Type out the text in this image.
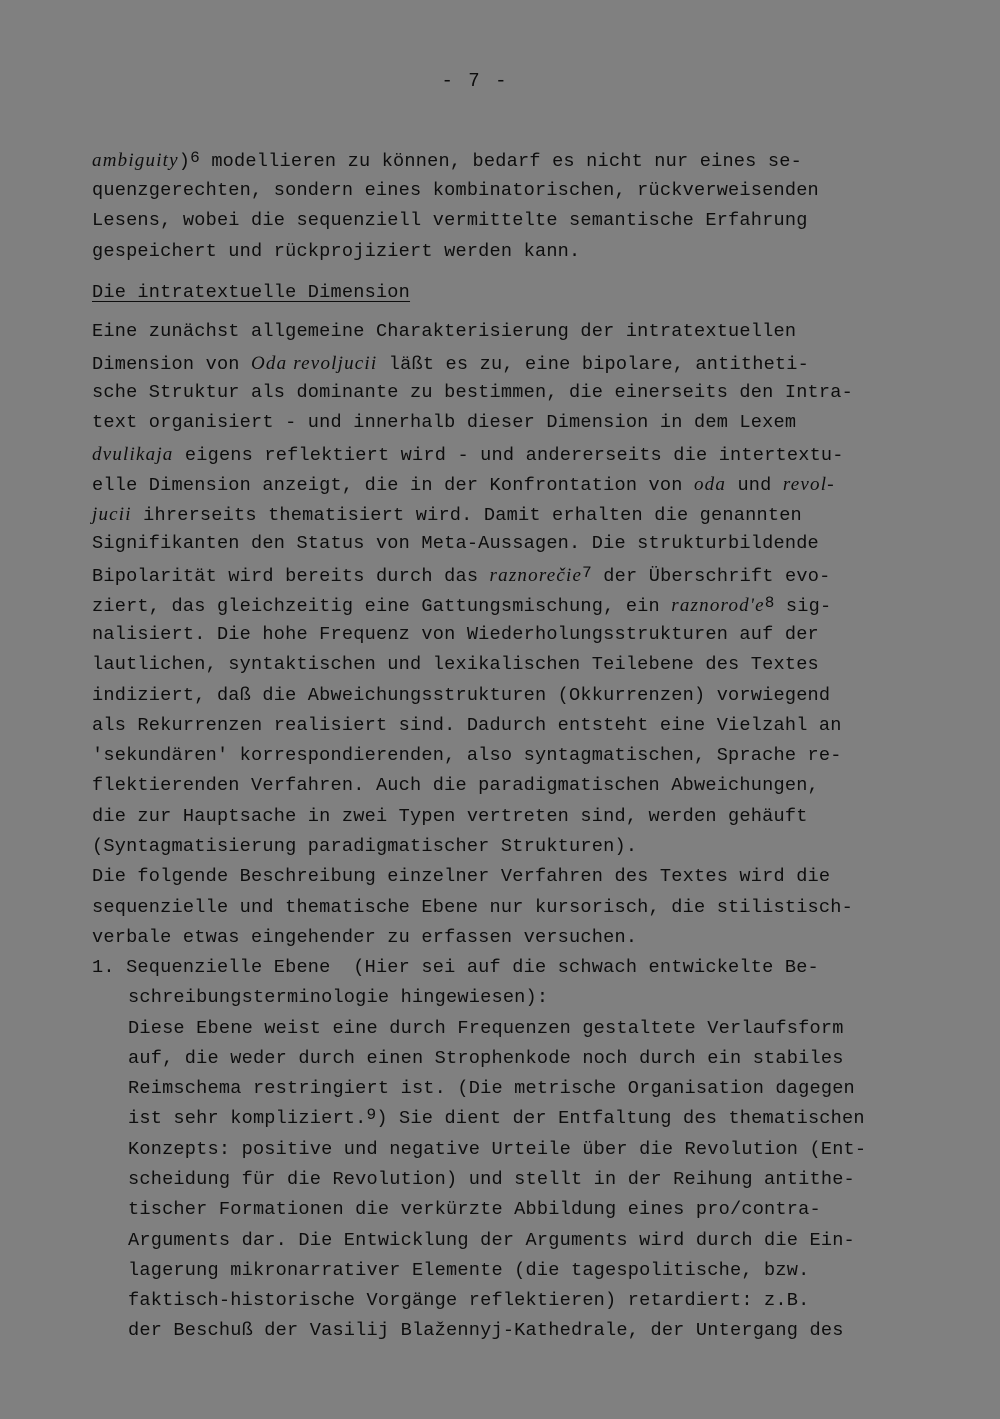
- 7 -
ambiguity)$^6$ modellieren zu können, bedarf es nicht nur eines se-
quenzgerechten, sondern eines kombinatorischen, rückverweisenden
Lesens, wobei die sequenziell vermittelte semantische Erfahrung
gespeichert und rückprojiziert werden kann.
Die intratextuelle Dimension
Eine zunächst allgemeine Charakterisierung der intratextuellen
Dimension von Oda revoljucii läßt es zu, eine bipolare, antitheti-
sche Struktur als dominante zu bestimmen, die einerseits den Intra-
text organisiert - und innerhalb dieser Dimension in dem Lexem
dvulikaja eigens reflektiert wird - und andererseits die intertextu-
elle Dimension anzeigt, die in der Konfrontation von oda und revol-
jucii ihrerseits thematisiert wird. Damit erhalten die genannten
Signifikanten den Status von Meta-Aussagen. Die strukturbildende
Bipolarität wird bereits durch das raznorečie$^7$ der Überschrift evo-
ziert, das gleichzeitig eine Gattungsmischung, ein $raznorod'e^8$ sig-
nalisiert. Die hohe Frequenz von Wiederholungsstrukturen auf der
lautlichen, syntaktischen und lexikalischen Teilebene des Textes
indiziert, daß die Abweichungsstrukturen (Okkurrenzen) vorwiegend
als Rekurrenzen realisiert sind. Dadurch entsteht eine Vielzahl an
'sekundären' korrespondierenden, also syntagmatischen, Sprache re-
flektierenden Verfahren. Auch die paradigmatischen Abweichungen,
die zur Hauptsache in zwei Typen vertreten sind, werden gehäuft
(Syntagmatisierung paradigmatischer Strukturen).
Die folgende Beschreibung einzelner Verfahren des Textes wird die
sequenzielle und thematische Ebene nur kursorisch, die stilistisch-
verbale etwas eingehender zu erfassen versuchen.
1. Sequenzielle Ebene  (Hier sei auf die schwach entwickelte Be-
schreibungsterminologie hingewiesen):
Diese Ebene weist eine durch Frequenzen gestaltete Verlaufsform
auf, die weder durch einen Strophenkode noch durch ein stabiles
Reimschema restringiert ist. (Die metrische Organisation dagegen
ist sehr kompliziert.$^9$) Sie dient der Entfaltung des thematischen
Konzepts: positive und negative Urteile über die Revolution (Ent-
scheidung für die Revolution) und stellt in der Reihung antithe-
tischer Formationen die verkürzte Abbildung eines pro/contra-
Arguments dar. Die Entwicklung der Arguments wird durch die Ein-
lagerung mikronarrativer Elemente (die tagespolitische, bzw.
faktisch-historische Vorgänge reflektieren) retardiert: z.B.
der Beschuß der Vasilij Blažennyj-Kathedrale, der Untergang des
